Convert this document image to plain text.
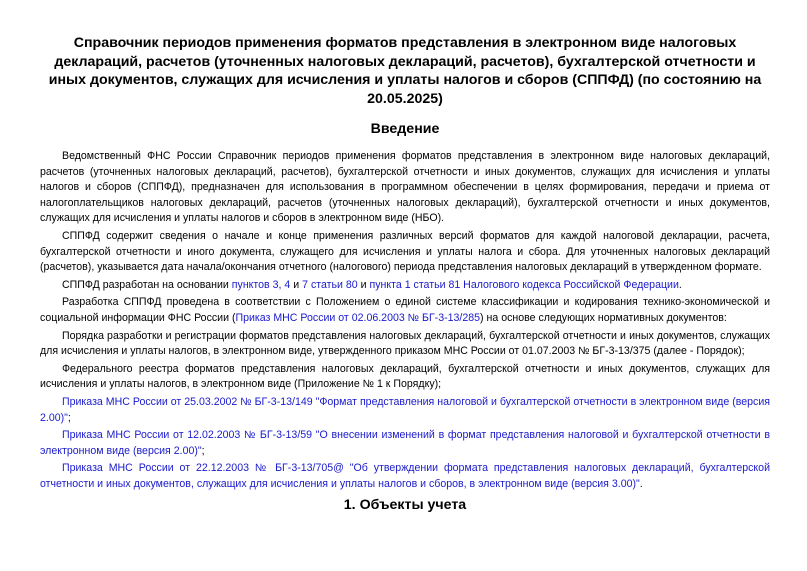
Справочник периодов применения форматов представления в электронном виде налоговых деклараций, расчетов (уточненных налоговых деклараций, расчетов), бухгалтерской отчетности и иных документов, служащих для исчисления и уплаты налогов и сборов (СППФД) (по состоянию на 20.05.2025)
Введение

Ведомственный ФНС России Справочник периодов применения форматов представления в электронном виде налоговых деклараций, расчетов (уточненных налоговых деклараций, расчетов), бухгалтерской отчетности и иных документов, служащих для исчисления и уплаты налогов и сборов (СППФД), предназначен для использования в программном обеспечении в целях формирования, передачи и приема от налогоплательщиков налоговых деклараций, расчетов (уточненных налоговых деклараций), бухгалтерской отчетности и иных документов, служащих для исчисления и уплаты налогов и сборов в электронном виде (НБО).

СППФД содержит сведения о начале и конце применения различных версий форматов для каждой налоговой декларации, расчета, бухгалтерской отчетности и иного документа, служащего для исчисления и уплаты налога и сбора. Для уточненных налоговых деклараций (расчетов), указывается дата начала/окончания отчетного (налогового) периода представления налоговых деклараций в утвержденном формате.

СППФД разработан на основании пунктов 3, 4 и 7 статьи 80 и пункта 1 статьи 81 Налогового кодекса Российской Федерации.

Разработка СППФД проведена в соответствии с Положением о единой системе классификации и кодирования технико-экономической и социальной информации ФНС России (Приказ МНС России от 02.06.2003 № БГ-3-13/285) на основе следующих нормативных документов:

Порядка разработки и регистрации форматов представления налоговых деклараций, бухгалтерской отчетности и иных документов, служащих для исчисления и уплаты налогов, в электронном виде, утвержденного приказом МНС России от 01.07.2003 № БГ-3-13/375 (далее - Порядок);

Федерального реестра форматов представления налоговых деклараций, бухгалтерской отчетности и иных документов, служащих для исчисления и уплаты налогов, в электронном виде (Приложение № 1 к Порядку);

Приказа МНС России от 25.03.2002 № БГ-3-13/149 "Формат представления налоговой и бухгалтерской отчетности в электронном виде (версия 2.00)";

Приказа МНС России от 12.02.2003 № БГ-3-13/59 "О внесении изменений в формат представления налоговой и бухгалтерской отчетности в электронном виде (версия 2.00)";

Приказа МНС России от 22.12.2003 № БГ-3-13/705@ "Об утверждении формата представления налоговых деклараций, бухгалтерской отчетности и иных документов, служащих для исчисления и уплаты налогов и сборов, в электронном виде (версия 3.00)".

1. Объекты учета
